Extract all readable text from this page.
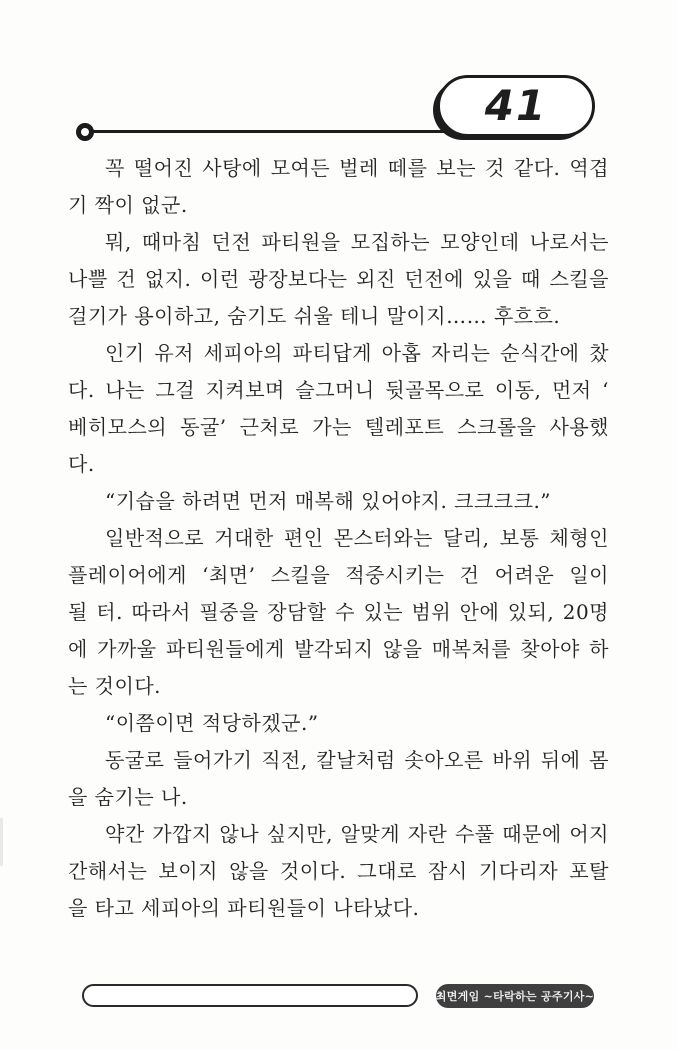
41
꼭 떨어진 사탕에 모여든 벌레 떼를 보는 것 같다. 역겹
기 짝이 없군.
뭐, 때마침 던전 파티원을 모집하는 모양인데 나로서는
나쁠 건 없지. 이런 광장보다는 외진 던전에 있을 때 스킬을
걸기가 용이하고, 숨기도 쉬울 테니 말이지…… 후흐흐.
인기 유저 세피아의 파티답게 아홉 자리는 순식간에 찼
다. 나는 그걸 지켜보며 슬그머니 뒷골목으로 이동, 먼저 ‘
베히모스의 동굴’ 근처로 가는 텔레포트 스크롤을 사용했
다.
“기습을 하려면 먼저 매복해 있어야지. 크크크크.”
일반적으로 거대한 편인 몬스터와는 달리, 보통 체형인
플레이어에게 ‘최면’ 스킬을 적중시키는 건 어려운 일이
될 터. 따라서 필중을 장담할 수 있는 범위 안에 있되, 20명
에 가까울 파티원들에게 발각되지 않을 매복처를 찾아야 하
는 것이다.
“이쯤이면 적당하겠군.”
동굴로 들어가기 직전, 칼날처럼 솟아오른 바위 뒤에 몸
을 숨기는 나.
약간 가깝지 않나 싶지만, 알맞게 자란 수풀 때문에 어지
간해서는 보이지 않을 것이다. 그대로 잠시 기다리자 포탈
을 타고 세피아의 파티원들이 나타났다.
최면게임 ~타락하는 공주기사~
